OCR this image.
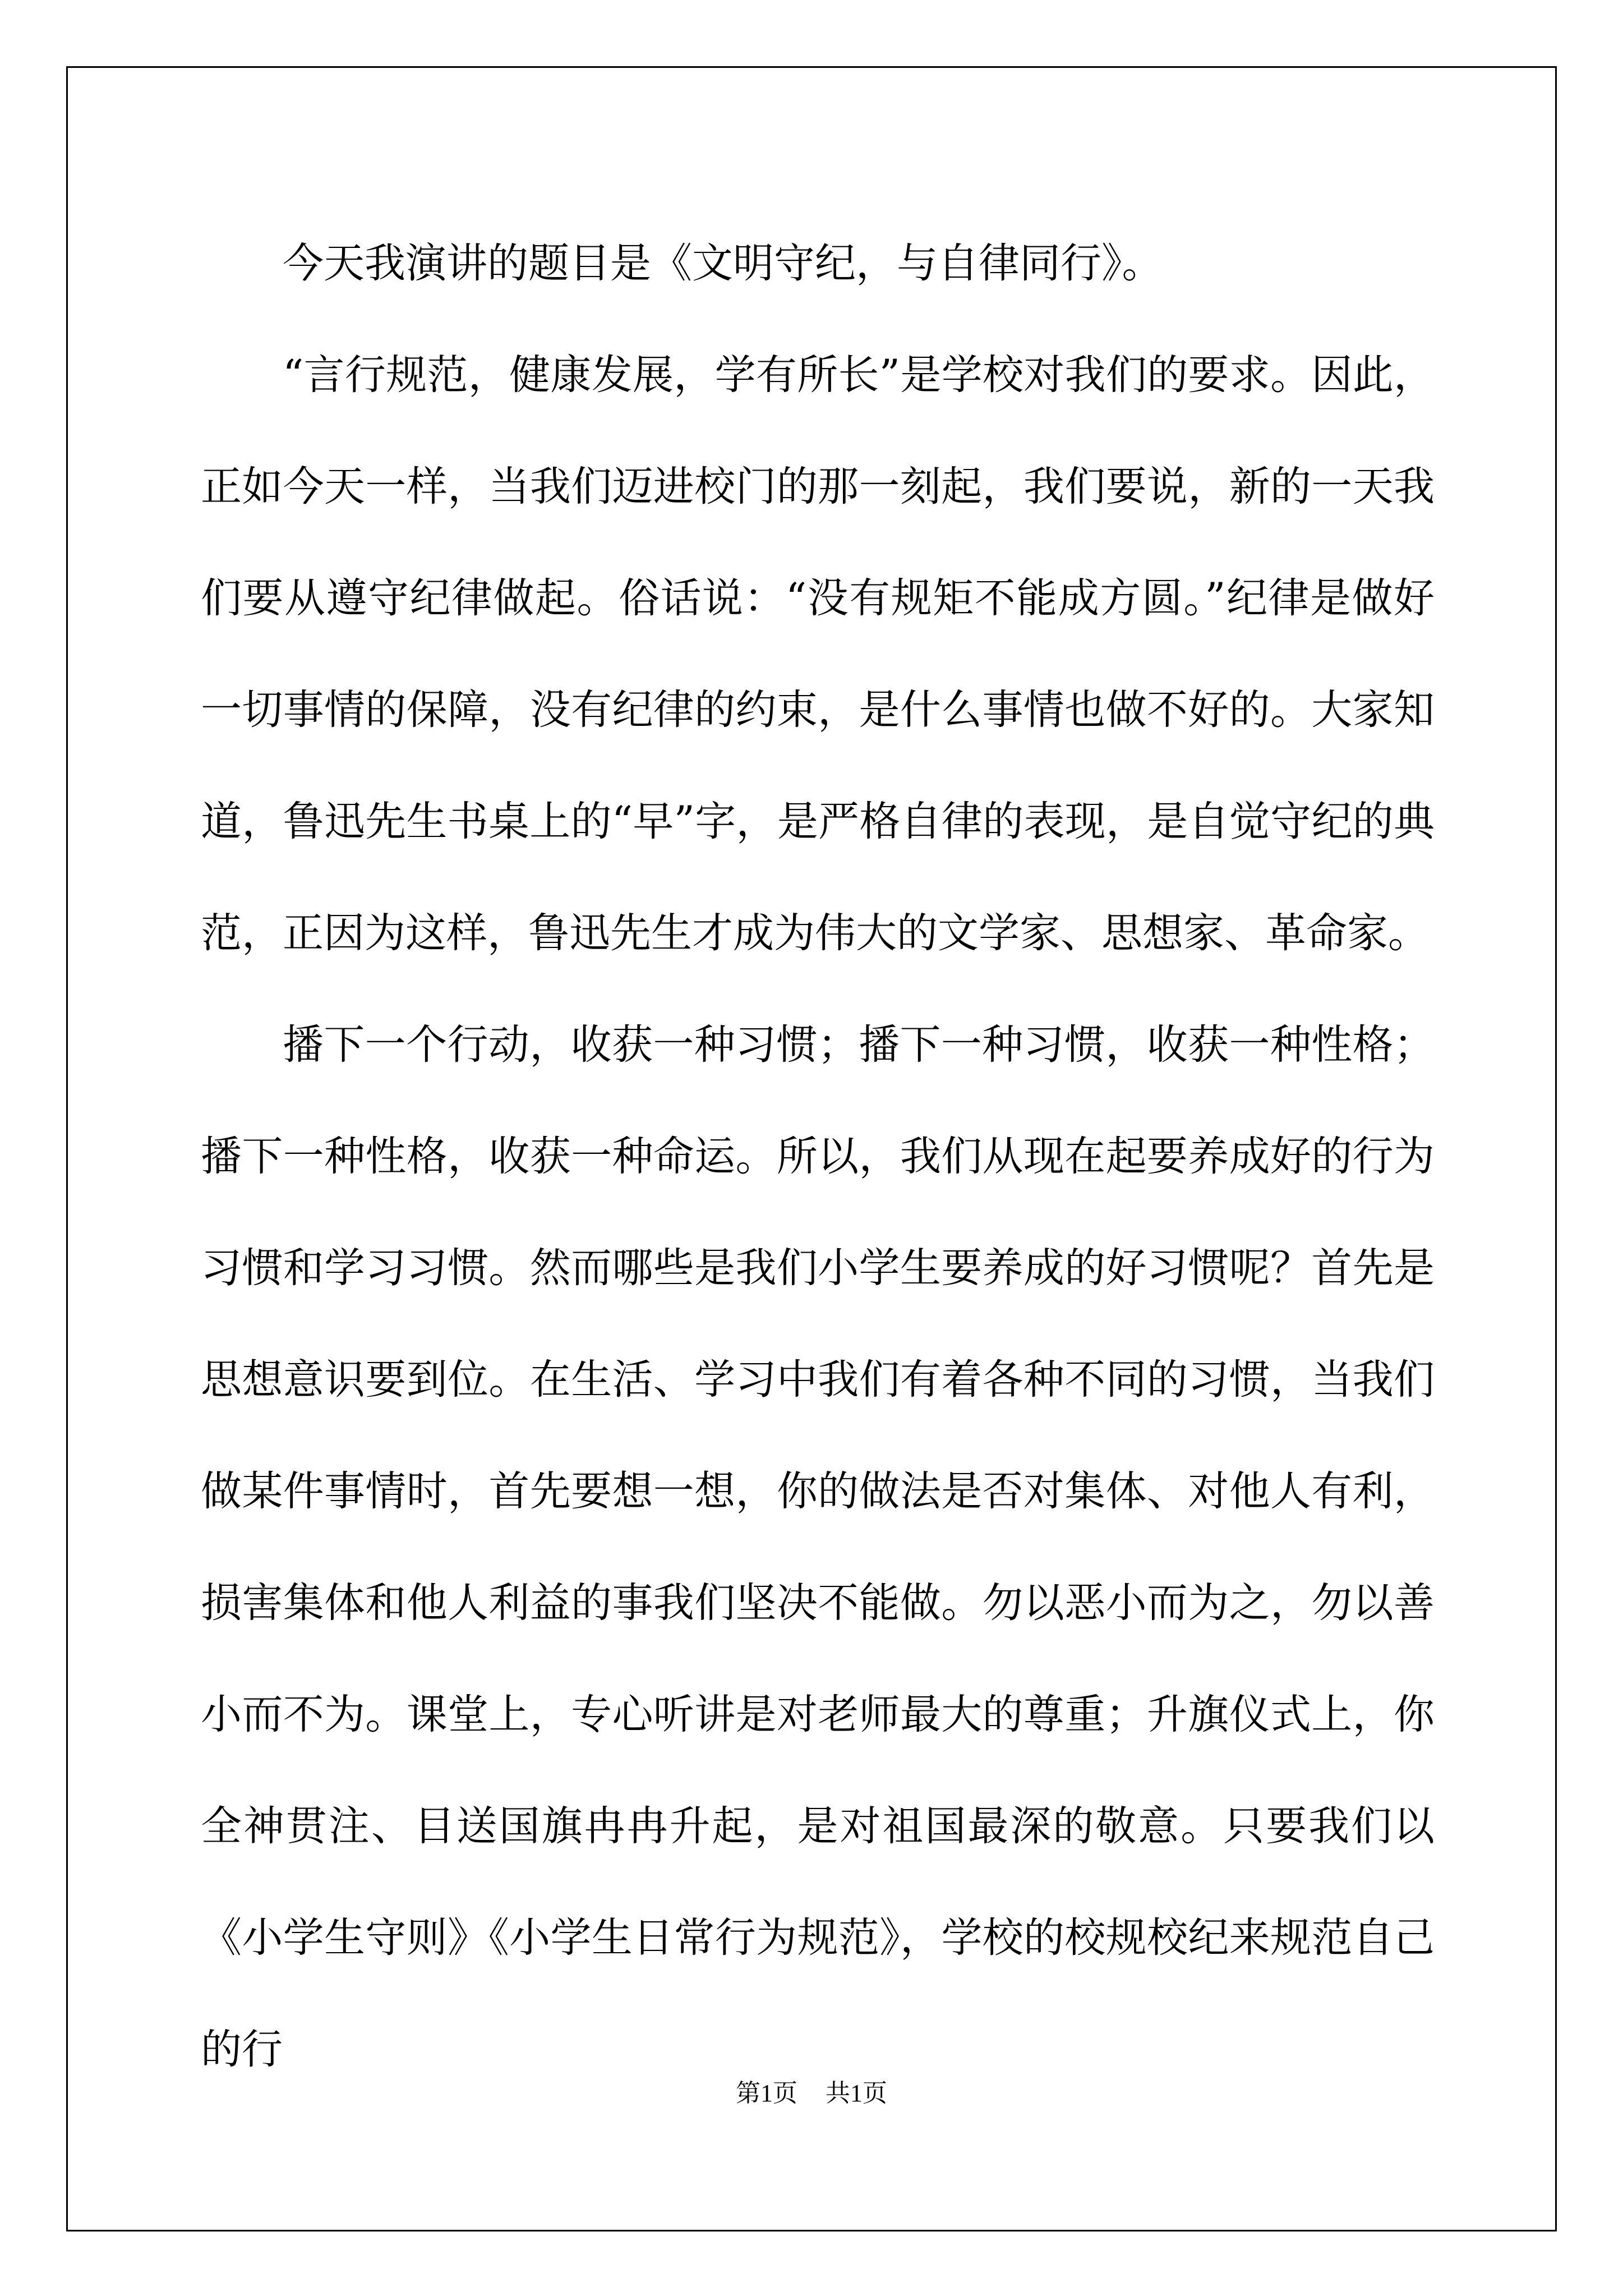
今天我演讲的题目是《文明守纪，与自律同行》。

“言行规范，健康发展，学有所长”是学校对我们的要求。因此，正如今天一样，当我们迈进校门的那一刻起，我们要说，新的一天我们要从遵守纪律做起。俗话说：“没有规矩不能成方圆。”纪律是做好一切事情的保障，没有纪律的约束，是什么事情也做不好的。大家知道，鲁迅先生书桌上的“早”字，是严格自律的表现，是自觉守纪的典范，正因为这样，鲁迅先生才成为伟大的文学家、思想家、革命家。

播下一个行动，收获一种习惯；播下一种习惯，收获一种性格；播下一种性格，收获一种命运。所以，我们从现在起要养成好的行为习惯和学习习惯。然而哪些是我们小学生要养成的好习惯呢？首先是思想意识要到位。在生活、学习中我们有着各种不同的习惯，当我们做某件事情时，首先要想一想，你的做法是否对集体、对他人有利，损害集体和他人利益的事我们坚决不能做。勿以恶小而为之，勿以善小而不为。课堂上，专心听讲是对老师最大的尊重；升旗仪式上，你全神贯注、目送国旗冉冉升起，是对祖国最深的敬意。只要我们以《小学生守则》《小学生日常行为规范》，学校的校规校纪来规范自己的行

第1页 共1页
